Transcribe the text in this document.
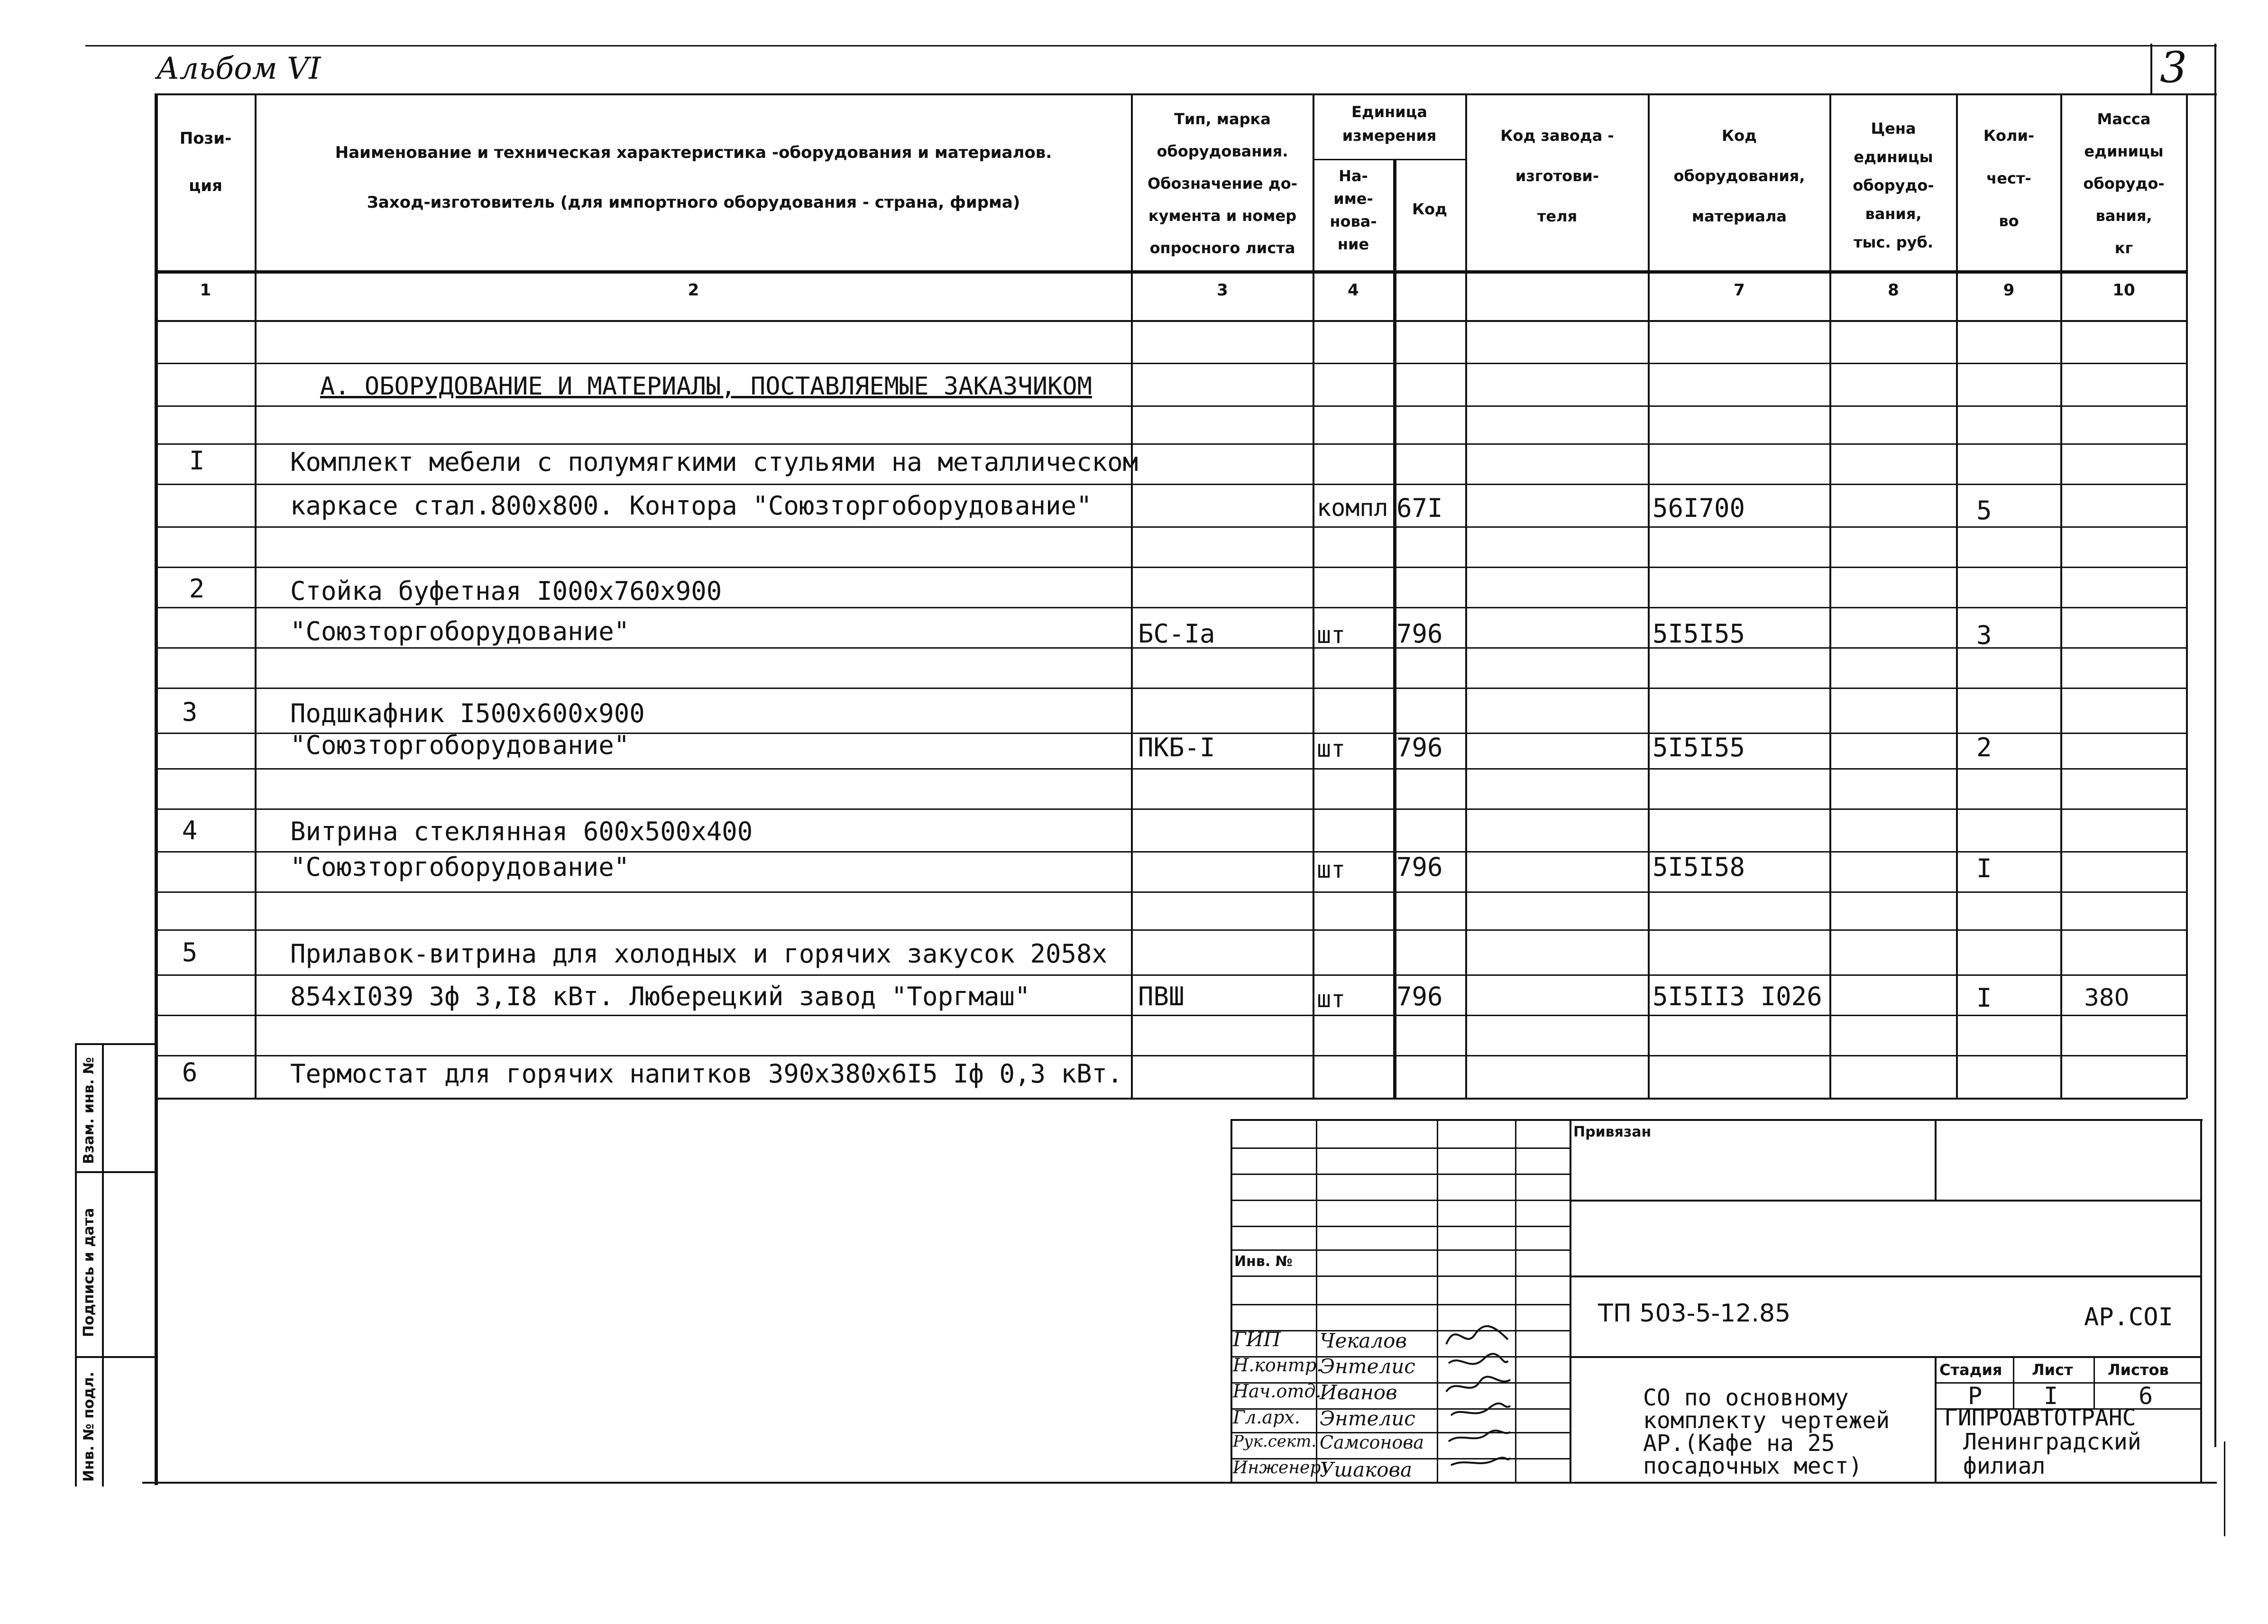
Альбом VI	3
Пози-
ция
Наименование и техническая характеристика -оборудования и материалов.
Заход-изготовитель (для импортного оборудования - страна, фирма)
Тип, марка
оборудования.
Обозначение до-
кумента и номер
опросного листа
Единица
измерения
На-
име-
нова-
ние
Код
Код завода -
изготови-
теля
Код
оборудования,
материала
Цена
единицы
оборудо-
вания,
тыс. руб.
Коли-
чест-
во
Масса
единицы
оборудо-
вания,
кг
1	2	3	4	7	8	9	10
А. ОБОРУДОВАНИЕ И МАТЕРИАЛЫ, ПОСТАВЛЯЕМЫЕ ЗАКАЗЧИКОМ
I	Комплект мебели с полумягкими стульями на металлическом
каркасе стал.800х800. Контора "Союзторгоборудование"	компл 67I	56I700	5
2	Стойка буфетная I000х760х900
"Союзторгоборудование"	БС-Iа	шт 796	5I5I55	3
3	Подшкафник I500х600х900
"Союзторгоборудование"	ПКБ-I	шт 796	5I5I55	2
4	Витрина стеклянная 600х500х400
"Союзторгоборудование"	шт 796	5I5I58	I
5	Прилавок-витрина для холодных и горячих закусок 2058х
854хI039 3ф 3,I8 кВт. Люберецкий завод "Торгмаш"	ПВШ	шт 796	5I5II3 I026	I	380
6	Термостат для горячих напитков 390х380х6I5 Iф 0,3 кВт.
Инв. № подл.
Подпись и дата
Взам. инв. №
Инв. №
Привязан
ТП 503-5-12.85	АР.СОI
ГИП Чекалов
Н.контр.
Энтелис
Нач.отд.
Иванов
Гл.арх. Энтелис
Рук.сект. Самсонова
Инженер
Ушакова
СО по основному
комплекту чертежей
АР.(Кафе на 25
посадочных мест)
Стадия Лист Листов
Р	I	6
ГИПРОАВТОТРАНС
Ленинградский
филиал
